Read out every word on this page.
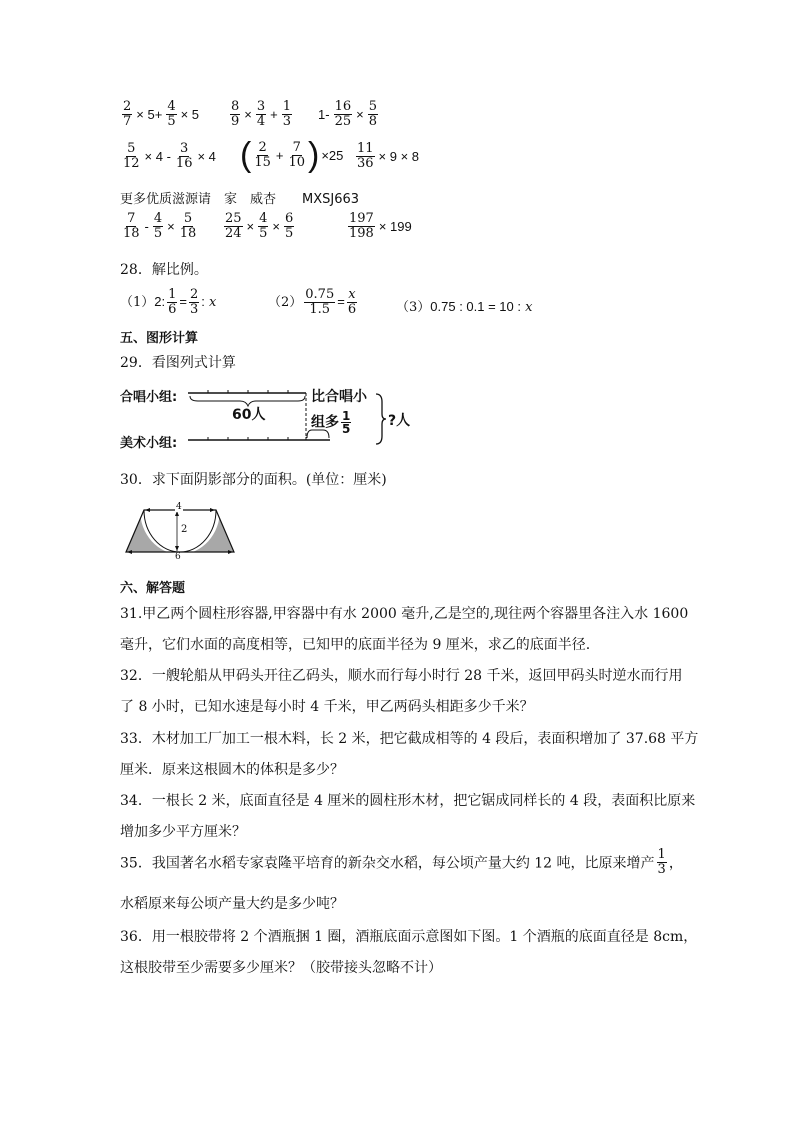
$\frac{2}{7} \times 5+ \frac{4}{5} \times 5 \frac{8}{9} \times \frac{3}{4} + \frac{1}{3} 1- \frac{16}{25} \times \frac{5}{8}$
$\frac{5}{12} \times 4 - \frac{3}{16} \times 4$ ( $\frac{2}{15} + \frac{7}{10}$ ) $\times 25 \frac{11}{36} \times 9 \times 8$
更多优质滋源请　家　威杏　　MXSJ663
$\frac{7}{18} - \frac{4}{5} \times \frac{5}{18} \frac{25}{24} \times \frac{4}{5} \times \frac{6}{5}$	$\frac{197}{198} \times 199$
28．解比例。
（1）2: $\frac{1}{6} = \frac{2}{3}$ : x	$(2) \frac{0.75}{1.5} = \frac{x}{6}$	（3）0.75 : 0.1 = 10 : x
五、图形计算
29．看图列式计算
合唱小组:
美术小组:
60人
比合唱小
组多 $\frac{1}{5}$	?人
30．求下面阴影部分的面积。(单位：厘米)
4
2
6
六、解答题
31.甲乙两个圆柱形容器,甲容器中有水 2000 毫升,乙是空的,现往两个容器里各注入水 1600
毫升，它们水面的高度相等，已知甲的底面半径为 9 厘米，求乙的底面半径.
32．一艘轮船从甲码头开往乙码头，顺水而行每小时行 28 千米，返回甲码头时逆水而行用
了 8 小时，已知水速是每小时 4 千米，甲乙两码头相距多少千米？
33．木材加工厂加工一根木料，长 2 米，把它截成相等的 4 段后，表面积增加了 37.68 平方
厘米．原来这根圆木的体积是多少？
34．一根长 2 米，底面直径是 4 厘米的圆柱形木材，把它锯成同样长的 4 段，表面积比原来
增加多少平方厘米？
35．我国著名水稻专家袁隆平培育的新杂交水稻，每公顷产量大约 12 吨，比原来增产 $\frac{1}{3}$ ，
水稻原来每公顷产量大约是多少吨？
36．用一根胶带将 2 个酒瓶捆 1 圈，酒瓶底面示意图如下图。1 个酒瓶的底面直径是 8cm，
这根胶带至少需要多少厘米？（胶带接头忽略不计）
